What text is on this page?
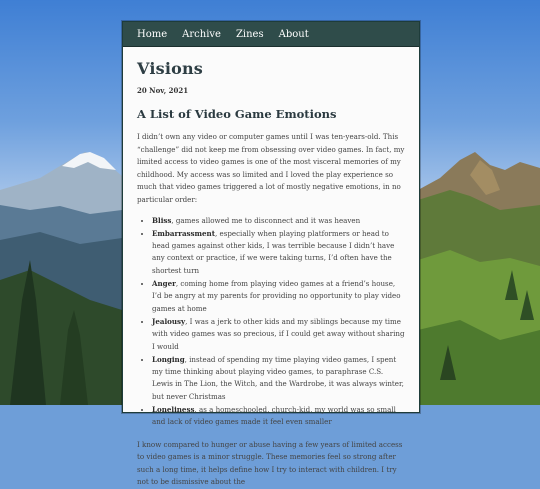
Home Archive Zines About
Visions

20 Nov, 2021

A List of Video Game Emotions

I didn’t own any video or computer games until I was ten-years-old. This “challenge” did not keep me from obsessing over video games. In fact, my limited access to video games is one of the most visceral memories of my childhood. My access was so limited and I loved the play experience so much that video games triggered a lot of mostly negative emotions, in no particular order:

• Bliss, games allowed me to disconnect and it was heaven
• Embarrassment, especially when playing platformers or head to head games against other kids, I was terrible because I didn’t have any context or practice, if we were taking turns, I’d often have the shortest turn
• Anger, coming home from playing video games at a friend’s house, I’d be angry at my parents for providing no opportunity to play video games at home
• Jealousy, I was a jerk to other kids and my siblings because my time with video games was so precious, if I could get away without sharing I would
• Longing, instead of spending my time playing video games, I spent my time thinking about playing video games, to paraphrase C.S. Lewis in The Lion, the Witch, and the Wardrobe, it was always winter, but never Christmas
• Loneliness, as a homeschooled, church-kid, my world was so small and lack of video games made it feel even smaller

I know compared to hunger or abuse having a few years of limited access to video games is a minor struggle. These memories feel so strong after such a long time, it helps define how I try to interact with children. I try not to be dismissive about the
